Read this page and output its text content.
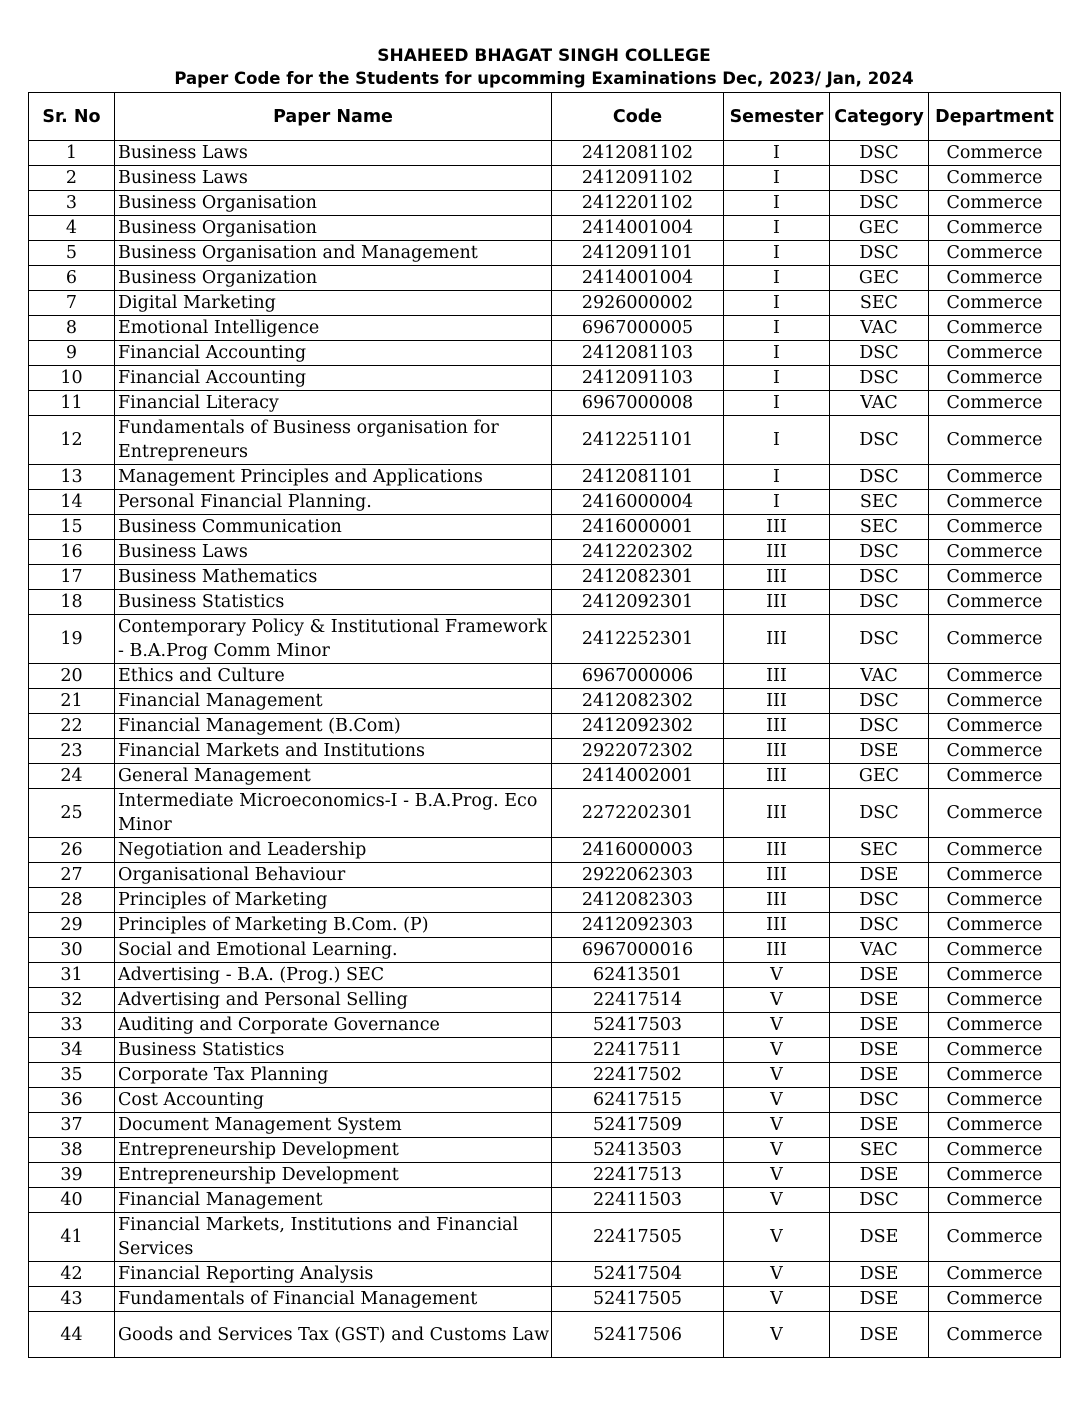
SHAHEED BHAGAT SINGH COLLEGE
Paper Code for the Students for upcomming Examinations Dec, 2023/ Jan, 2024
Sr. No	Paper Name	Code	Semester	Category	Department
1	Business Laws	2412081102	I	DSC	Commerce
2	Business Laws	2412091102	I	DSC	Commerce
3	Business Organisation	2412201102	I	DSC	Commerce
4	Business Organisation	2414001004	I	GEC	Commerce
5	Business Organisation and Management	2412091101	I	DSC	Commerce
6	Business Organization	2414001004	I	GEC	Commerce
7	Digital Marketing	2926000002	I	SEC	Commerce
8	Emotional Intelligence	6967000005	I	VAC	Commerce
9	Financial Accounting	2412081103	I	DSC	Commerce
10	Financial Accounting	2412091103	I	DSC	Commerce
11	Financial Literacy	6967000008	I	VAC	Commerce
12	Fundamentals of Business organisation for Entrepreneurs	2412251101	I	DSC	Commerce
13	Management Principles and Applications	2412081101	I	DSC	Commerce
14	Personal Financial Planning.	2416000004	I	SEC	Commerce
15	Business Communication	2416000001	III	SEC	Commerce
16	Business Laws	2412202302	III	DSC	Commerce
17	Business Mathematics	2412082301	III	DSC	Commerce
18	Business Statistics	2412092301	III	DSC	Commerce
19	Contemporary Policy & Institutional Framework - B.A.Prog Comm Minor	2412252301	III	DSC	Commerce
20	Ethics and Culture	6967000006	III	VAC	Commerce
21	Financial Management	2412082302	III	DSC	Commerce
22	Financial Management (B.Com)	2412092302	III	DSC	Commerce
23	Financial Markets and Institutions	2922072302	III	DSE	Commerce
24	General Management	2414002001	III	GEC	Commerce
25	Intermediate Microeconomics-I - B.A.Prog. Eco Minor	2272202301	III	DSC	Commerce
26	Negotiation and Leadership	2416000003	III	SEC	Commerce
27	Organisational Behaviour	2922062303	III	DSE	Commerce
28	Principles of Marketing	2412082303	III	DSC	Commerce
29	Principles of Marketing B.Com. (P)	2412092303	III	DSC	Commerce
30	Social and Emotional Learning.	6967000016	III	VAC	Commerce
31	Advertising - B.A. (Prog.) SEC	62413501	V	DSE	Commerce
32	Advertising and Personal Selling	22417514	V	DSE	Commerce
33	Auditing and Corporate Governance	52417503	V	DSE	Commerce
34	Business Statistics	22417511	V	DSE	Commerce
35	Corporate Tax Planning	22417502	V	DSE	Commerce
36	Cost Accounting	62417515	V	DSC	Commerce
37	Document Management System	52417509	V	DSE	Commerce
38	Entrepreneurship Development	52413503	V	SEC	Commerce
39	Entrepreneurship Development	22417513	V	DSE	Commerce
40	Financial Management	22411503	V	DSC	Commerce
41	Financial Markets, Institutions and Financial Services	22417505	V	DSE	Commerce
42	Financial Reporting Analysis	52417504	V	DSE	Commerce
43	Fundamentals of Financial Management	52417505	V	DSE	Commerce
44	Goods and Services Tax (GST) and Customs Law	52417506	V	DSE	Commerce
